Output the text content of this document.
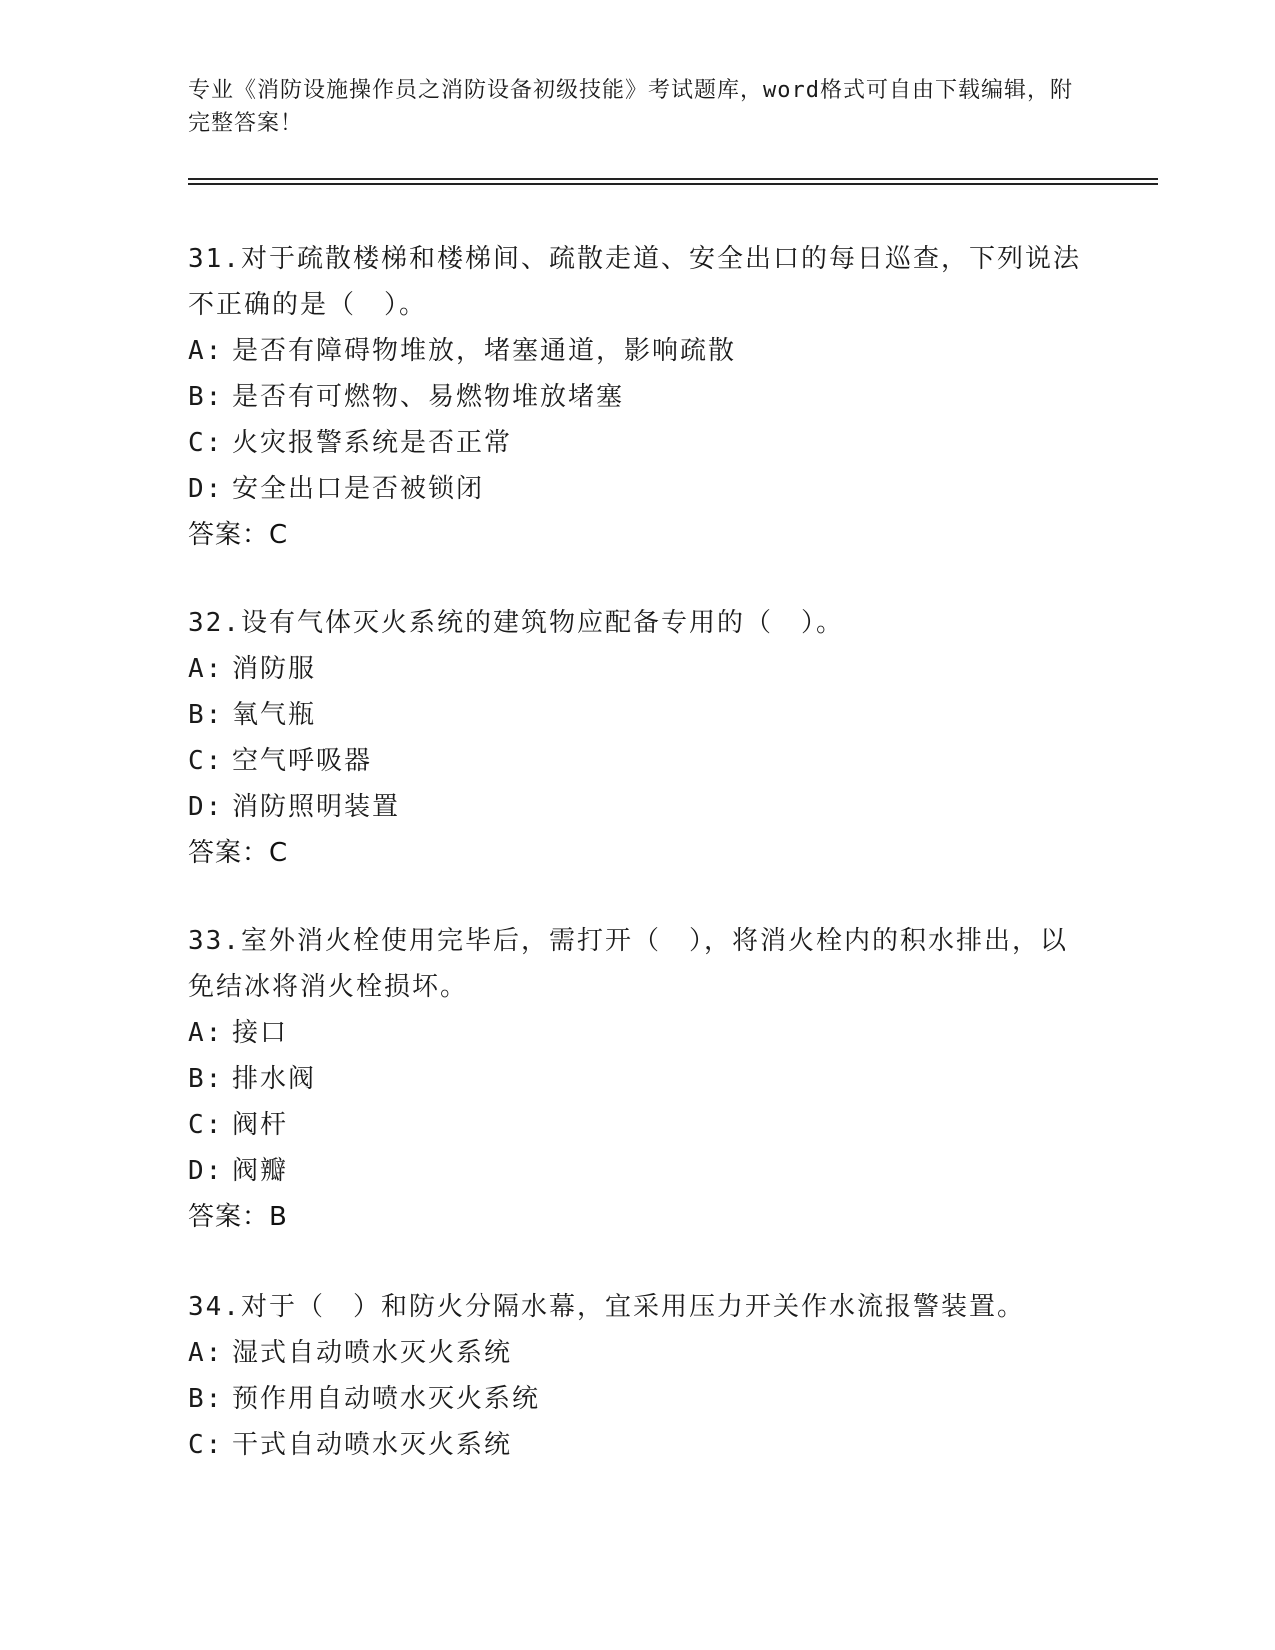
专业《消防设施操作员之消防设备初级技能》考试题库，word格式可自由下载编辑，附完整答案！
31.对于疏散楼梯和楼梯间、疏散走道、安全出口的每日巡查，下列说法不正确的是（　）。
A: 是否有障碍物堆放，堵塞通道，影响疏散
B: 是否有可燃物、易燃物堆放堵塞
C: 火灾报警系统是否正常
D: 安全出口是否被锁闭
答案：C
32.设有气体灭火系统的建筑物应配备专用的（　）。
A: 消防服
B: 氧气瓶
C: 空气呼吸器
D: 消防照明装置
答案：C
33.室外消火栓使用完毕后，需打开（　），将消火栓内的积水排出，以免结冰将消火栓损坏。
A: 接口
B: 排水阀
C: 阀杆
D: 阀瓣
答案：B
34.对于（　）和防火分隔水幕，宜采用压力开关作水流报警装置。
A: 湿式自动喷水灭火系统
B: 预作用自动喷水灭火系统
C: 干式自动喷水灭火系统
